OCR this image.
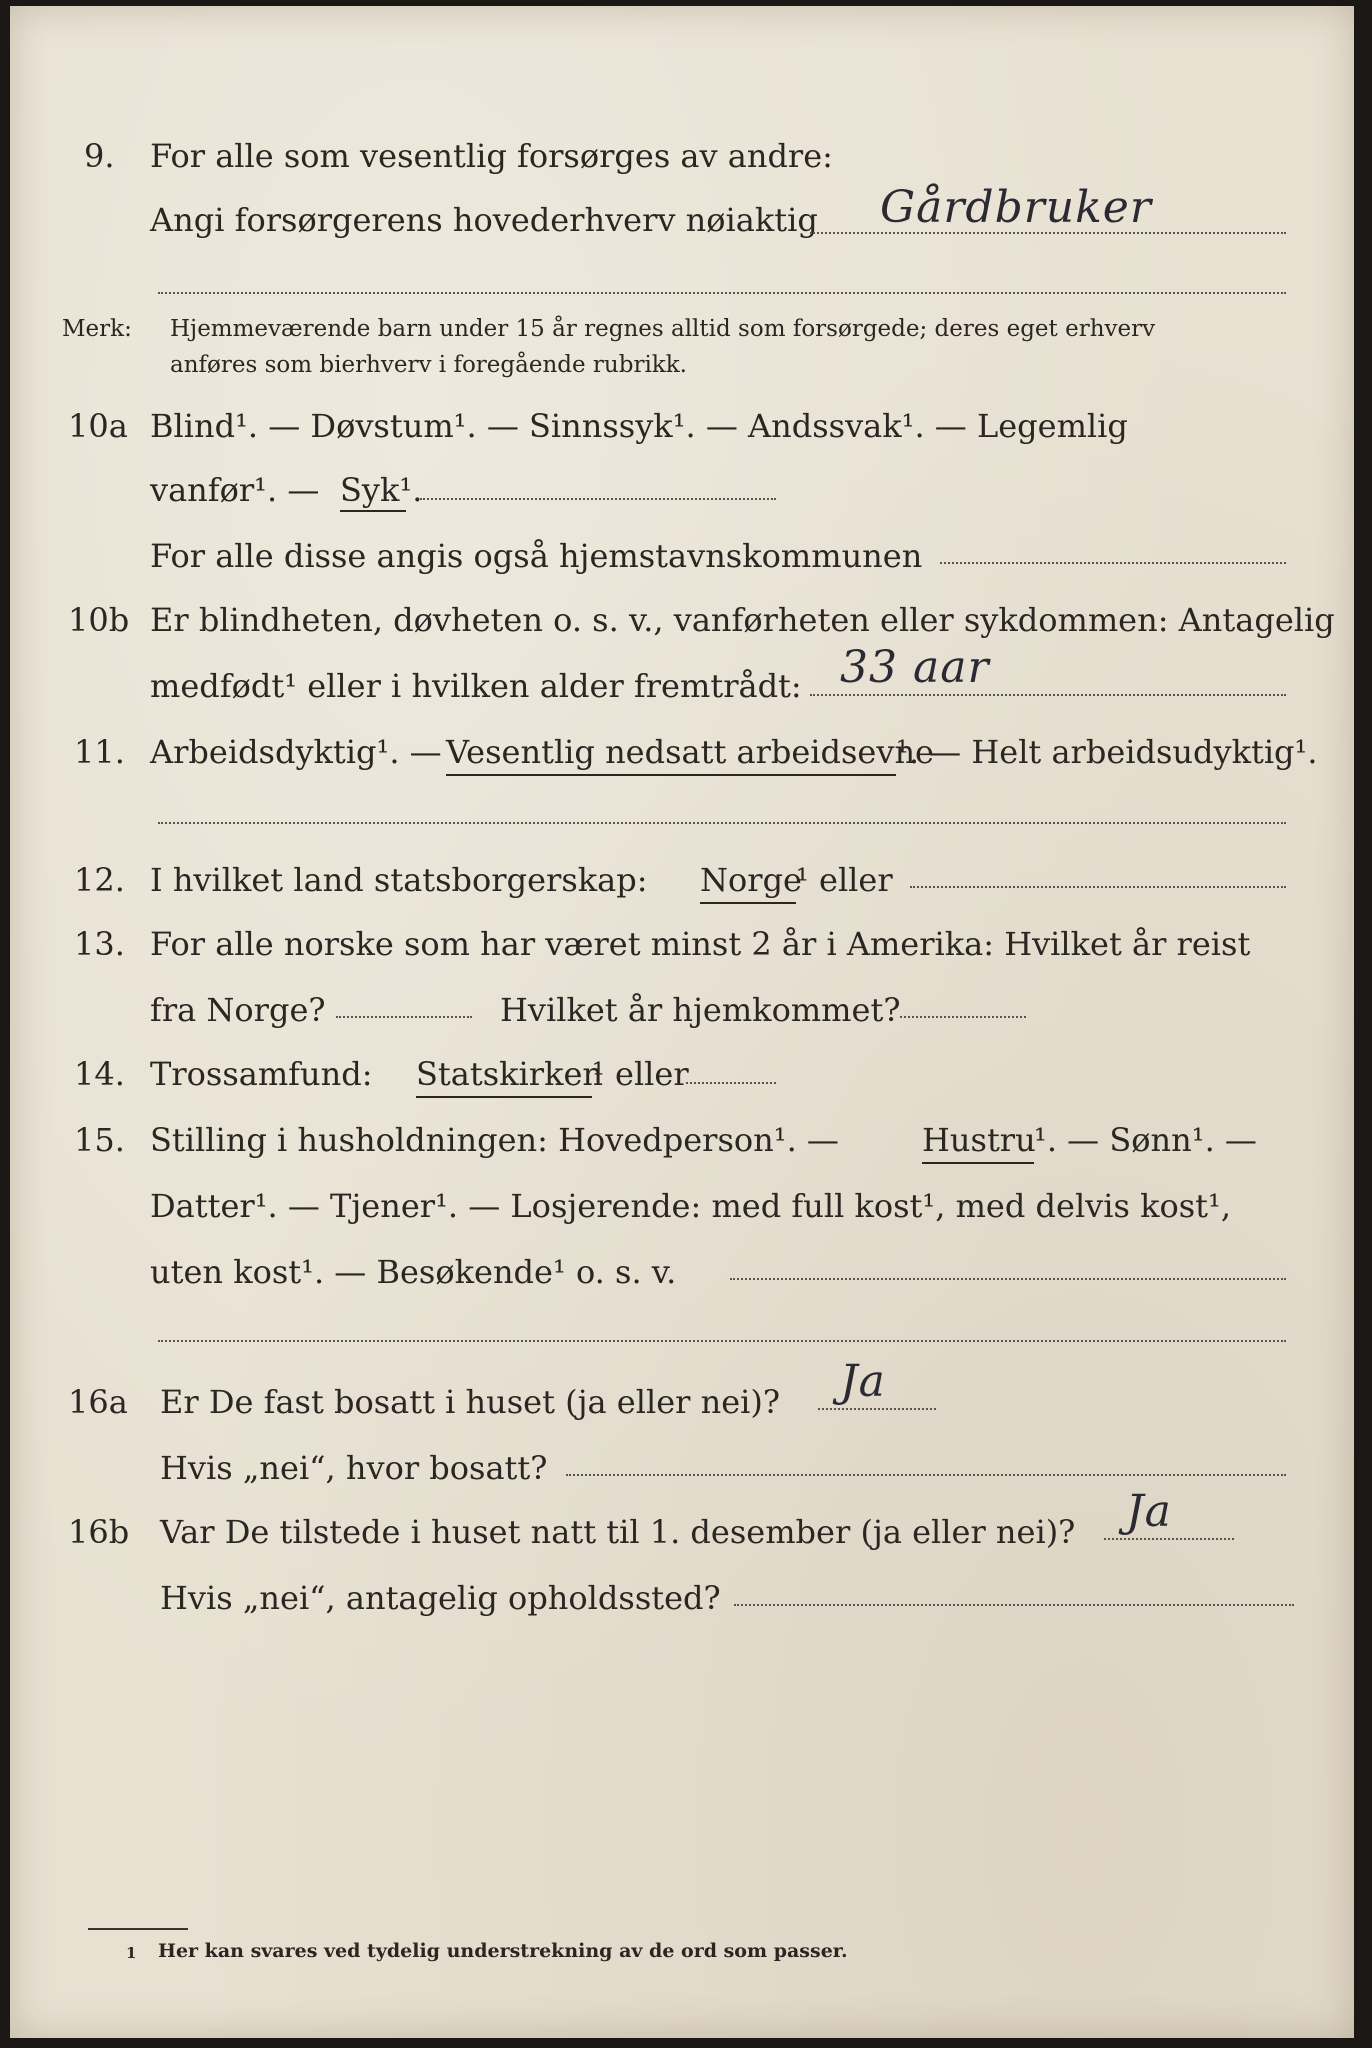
9. For alle som vesentlig forsørges av andre:
Angi forsørgerens hovederhverv nøiaktig Gårdbruker
Merk: Hjemmeværende barn under 15 år regnes alltid som forsørgede; deres eget erhverv
anføres som bierhverv i foregående rubrikk.
10a Blind¹. — Døvstum¹. — Sinnssyk¹. — Andssvak¹. — Legemlig
vanfør¹. — Syk¹.
For alle disse angis også hjemstavnskommunen
10b Er blindheten, døvheten o. s. v., vanførheten eller sykdommen: Antagelig
medfødt¹ eller i hvilken alder fremtrådt: 33 aar
11. Arbeidsdyktig¹. — Vesentlig nedsatt arbeidsevne
¹. — Helt arbeidsudyktig¹.
12. I hvilket land statsborgerskap: Norge
¹ eller
13. For alle norske som har været minst 2 år i Amerika: Hvilket år reist
fra Norge?	Hvilket år hjemkommet?
14. Trossamfund: Statskirken
¹ eller
15. Stilling i husholdningen: Hovedperson¹. —	Hustru
¹. — Sønn¹. —
Datter¹. — Tjener¹. — Losjerende: med full kost¹, med delvis kost¹,
uten kost¹. — Besøkende¹ o. s. v.
16a Er De fast bosatt i huset (ja eller nei)? Ja
Hvis „nei“, hvor bosatt?
16b Var De tilstede i huset natt til 1. desember (ja eller nei)? Ja
Hvis „nei“, antagelig opholdssted?
1 Her kan svares ved tydelig understrekning av de ord som passer.
